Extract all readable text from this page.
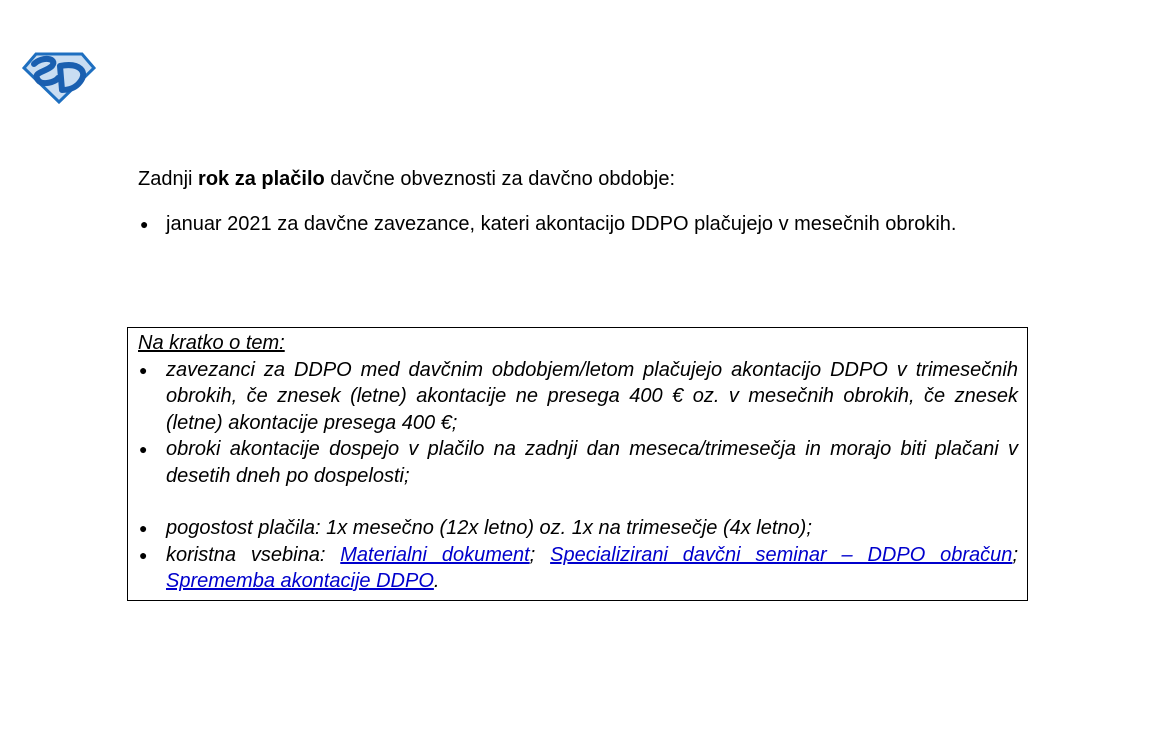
Zadnji rok za plačilo davčne obveznosti za davčno obdobje:
● januar 2021 za davčne zavezance, kateri akontacijo DDPO plačujejo v mesečnih obrokih.
Na kratko o tem:
● zavezanci za DDPO med davčnim obdobjem/letom plačujejo akontacijo DDPO v trimesečnih obrokih, če znesek (letne) akontacije ne presega 400 € oz. v mesečnih obrokih, če znesek (letne) akontacije presega 400 €;
● obroki akontacije dospejo v plačilo na zadnji dan meseca/trimesečja in morajo biti plačani v desetih dneh po dospelosti;
● pogostost plačila: 1x mesečno (12x letno) oz. 1x na trimesečje (4x letno);
● koristna vsebina: Materialni dokument; Specializirani davčni seminar – DDPO obračun; Sprememba akontacije DDPO.
